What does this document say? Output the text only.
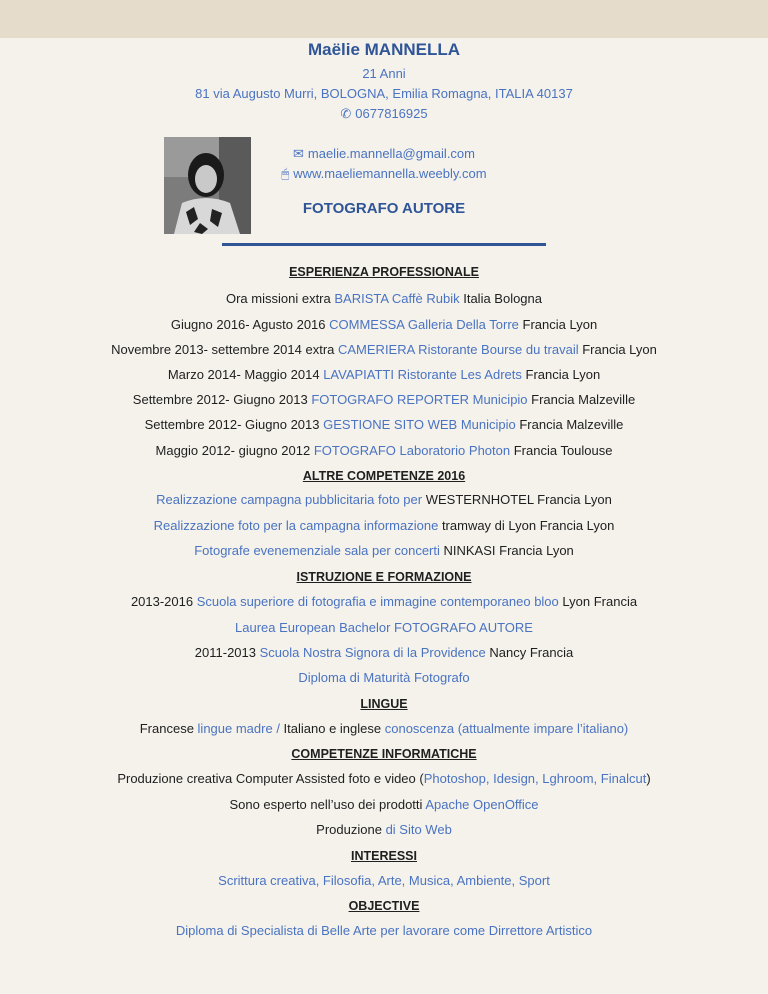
Maëlie MANNELLA
21 Anni
81 via Augusto Murri, BOLOGNA, Emilia Romagna, ITALIA 40137
✆ 0677816925
✉ maelie.mannella@gmail.com
🖱 www.maeliemannella.weebly.com
FOTOGRAFO AUTORE
ESPERIENZA PROFESSIONALE
Ora missioni extra BARISTA Caffè Rubik Italia Bologna
Giugno 2016- Agusto 2016 COMMESSA Galleria Della Torre Francia Lyon
Novembre 2013- settembre 2014 extra CAMERIERA Ristorante Bourse du travail Francia Lyon
Marzo 2014- Maggio 2014 LAVAPIATTI Ristorante Les Adrets Francia Lyon
Settembre 2012- Giugno 2013 FOTOGRAFO REPORTER Municipio Francia Malzeville
Settembre 2012- Giugno 2013 GESTIONE SITO WEB Municipio Francia Malzeville
Maggio 2012- giugno 2012 FOTOGRAFO Laboratorio Photon Francia Toulouse
ALTRE COMPETENZE 2016
Realizzazione campagna pubblicitaria foto per WESTERNHOTEL Francia Lyon
Realizzazione foto per la campagna informazione tramway di Lyon Francia Lyon
Fotografe evenemenziale sala per concerti NINKASI Francia Lyon
ISTRUZIONE E FORMAZIONE
2013-2016 Scuola superiore di fotografia e immagine contemporaneo bloo Lyon Francia
Laurea European Bachelor FOTOGRAFO AUTORE
2011-2013 Scuola Nostra Signora di la Providence Nancy Francia
Diploma di Maturità Fotografo
LINGUE
Francese lingue madre / Italiano e inglese conoscenza (attualmente impare l’italiano)
COMPETENZE INFORMATICHE
Produzione creativa Computer Assisted foto e video (Photoshop, Idesign, Lghroom, Finalcut)
Sono esperto nell’uso dei prodotti Apache OpenOffice
Produzione di Sito Web
INTERESSI
Scrittura creativa, Filosofia, Arte, Musica, Ambiente, Sport
OBJECTIVE
Diploma di Specialista di Belle Arte per lavorare come Dirrettore Artistico
